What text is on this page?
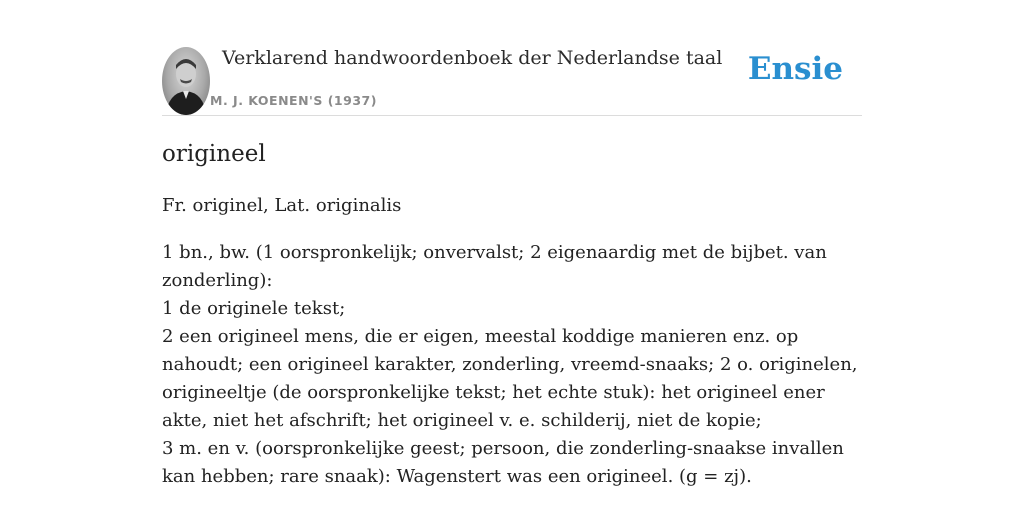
Verklarend handwoordenboek der Nederlandse taal
M. J. KOENEN'S (1937)
Ensie
origineel
Fr. originel, Lat. originalis

1 bn., bw. (1 oorspronkelijk; onvervalst; 2 eigenaardig met de bijbet. van zonderling):

1 de originele tekst;

2 een origineel mens, die er eigen, meestal koddige manieren enz. op nahoudt; een origineel karakter, zonderling, vreemd-snaaks; 2 o. originelen, origineeltje (de oorspronkelijke tekst; het echte stuk): het origineel ener akte, niet het afschrift; het origineel v. e. schilderij, niet de kopie;

3 m. en v. (oorspronkelijke geest; persoon, die zonderling-snaakse invallen kan hebben; rare snaak): Wagenstert was een origineel. (g = zj).
